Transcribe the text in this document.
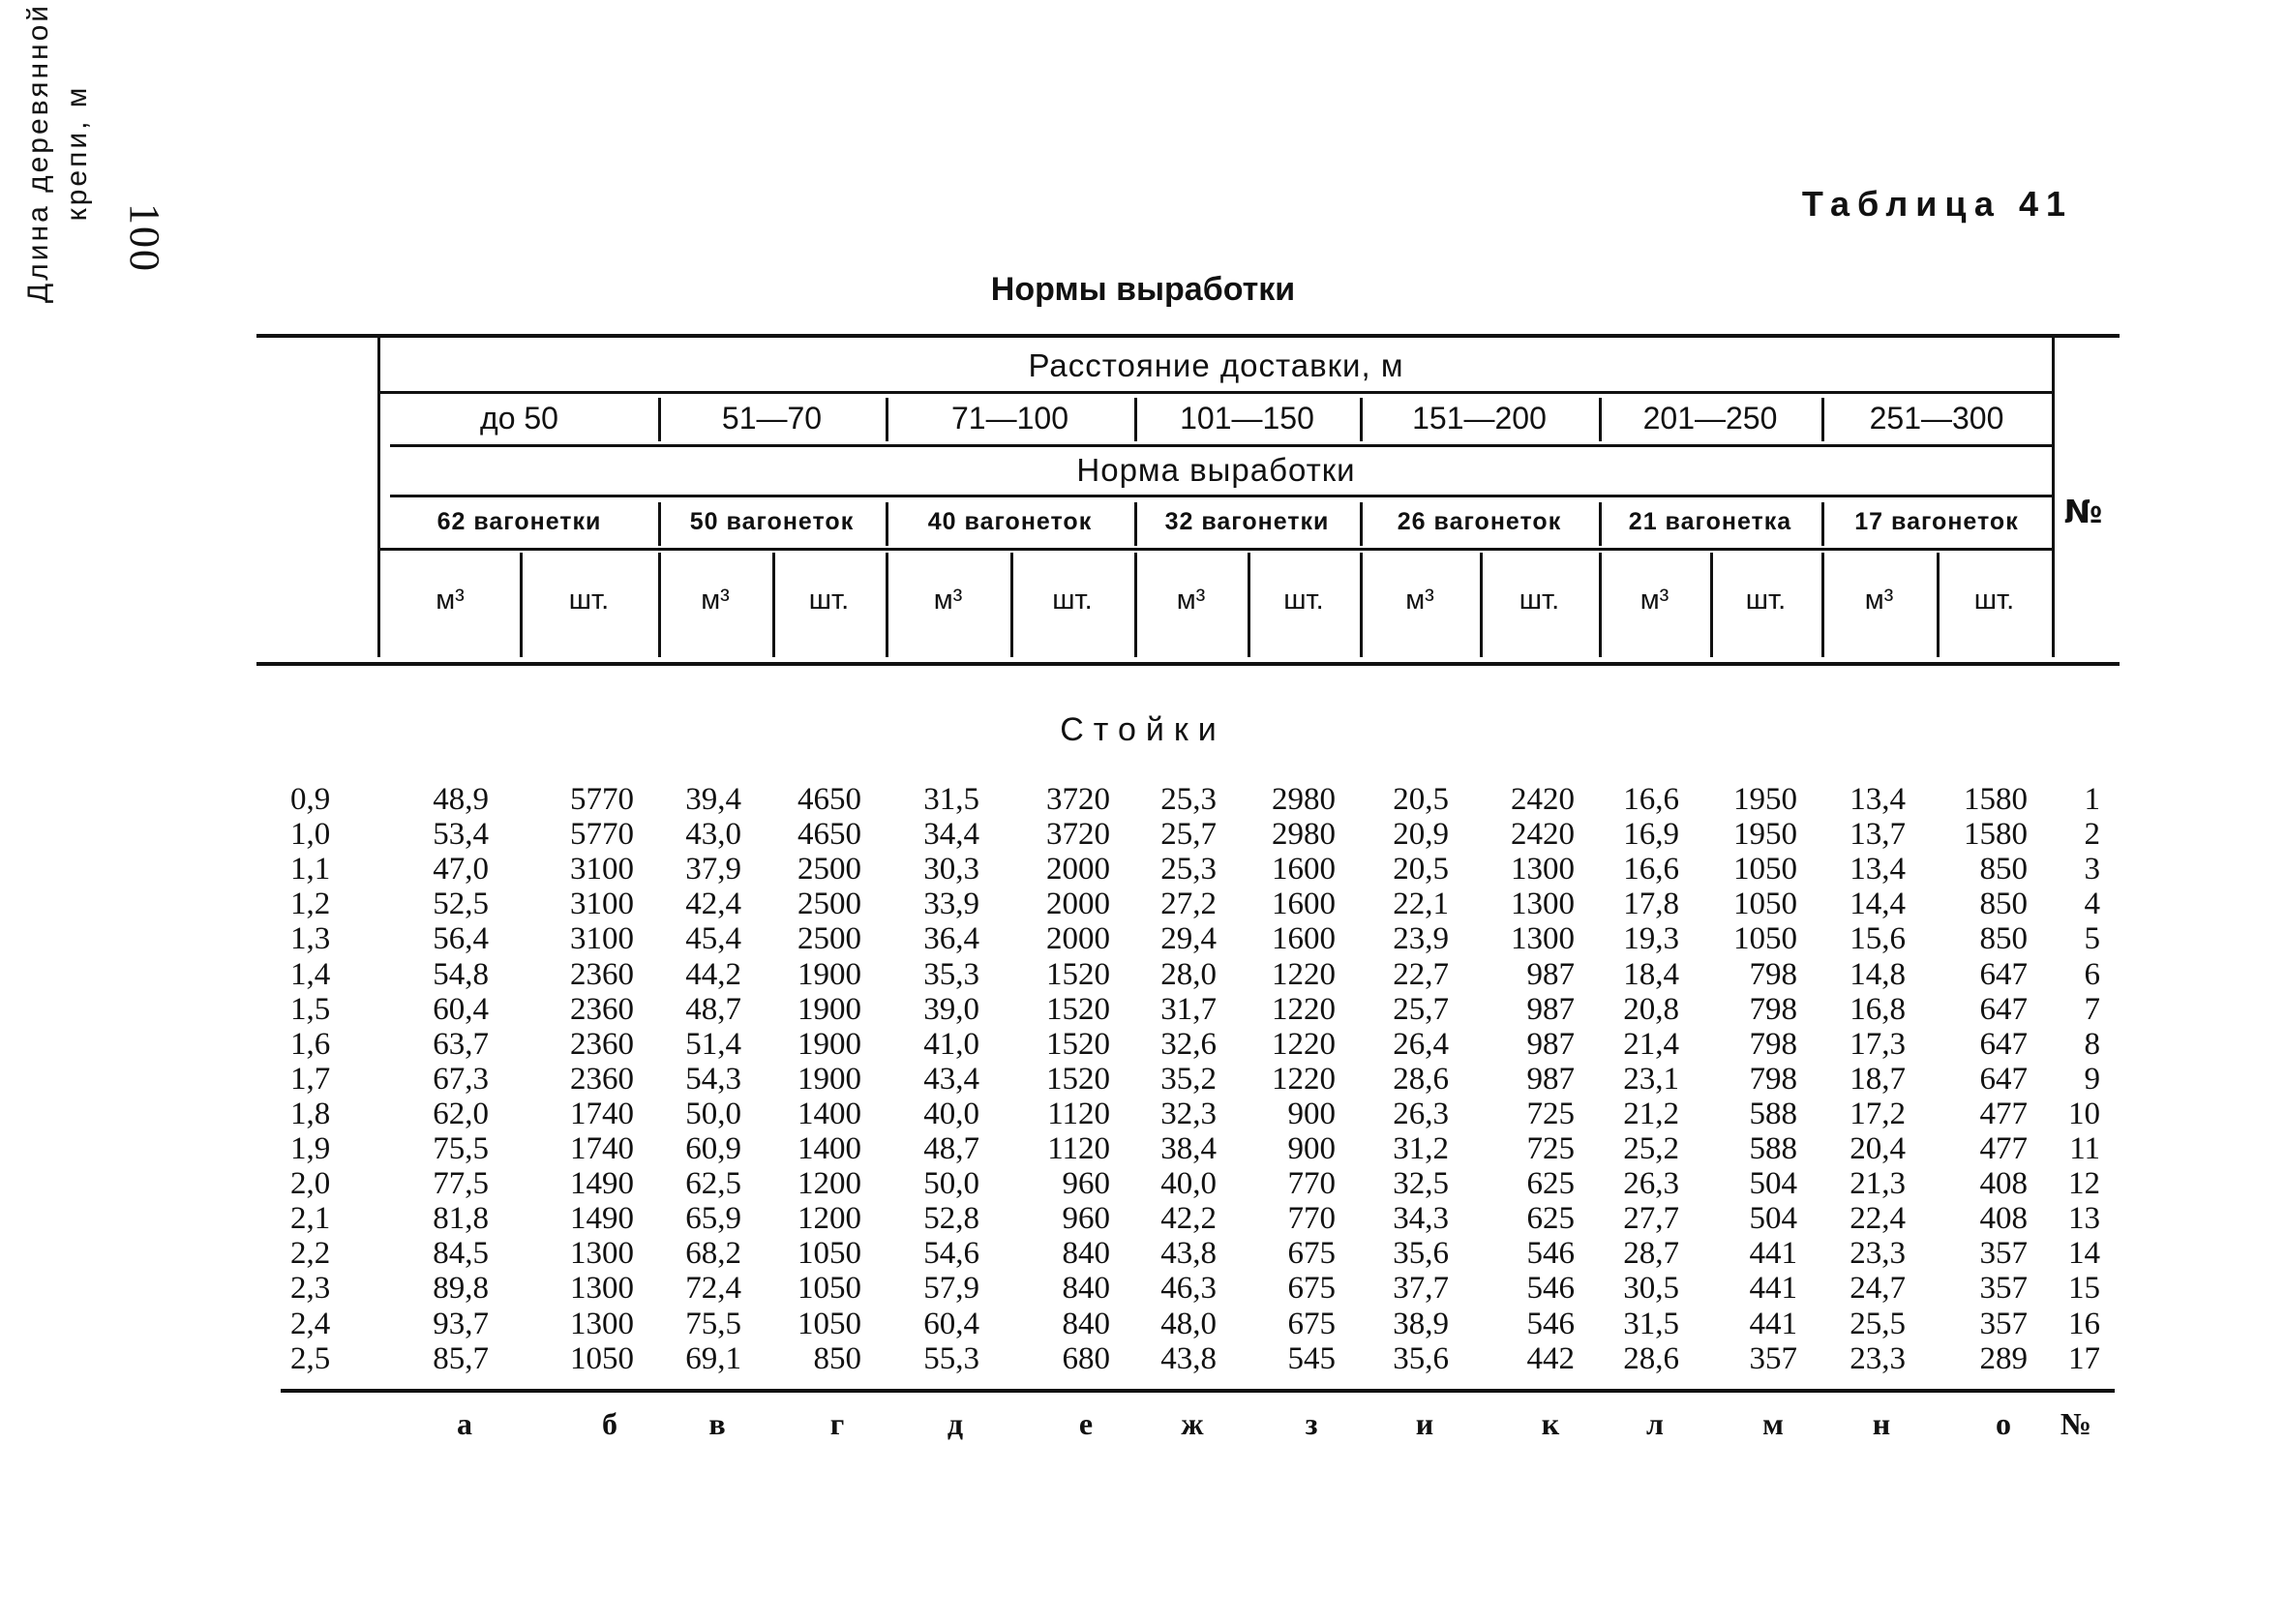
100	Таблица 41
Нормы выработки
Длина деревянной крепи, м
Расстояние доставки, м
Норма выработки
№
до 50
62 вагонетки
м³	шт.
51—70
50 вагонеток
м³	шт.
71—100
40 вагонеток
м³	шт.
101—150
32 вагонетки
м³	шт.
151—200
26 вагонеток
м³	шт.
201—250
21 вагонетка
м³	шт.
251—300
17 вагонеток
м³	шт.
Стойки
0,9	48,9	5770	39,4	4650	31,5	3720	25,3	2980	20,5	2420	16,6	1950	13,4	1580	1
1,0	53,4	5770	43,0	4650	34,4	3720	25,7	2980	20,9	2420	16,9	1950	13,7	1580	2
1,1	47,0	3100	37,9	2500	30,3	2000	25,3	1600	20,5	1300	16,6	1050	13,4	850	3
1,2	52,5	3100	42,4	2500	33,9	2000	27,2	1600	22,1	1300	17,8	1050	14,4	850	4
1,3	56,4	3100	45,4	2500	36,4	2000	29,4	1600	23,9	1300	19,3	1050	15,6	850	5
1,4	54,8	2360	44,2	1900	35,3	1520	28,0	1220	22,7	987	18,4	798	14,8	647	6
1,5	60,4	2360	48,7	1900	39,0	1520	31,7	1220	25,7	987	20,8	798	16,8	647	7
1,6	63,7	2360	51,4	1900	41,0	1520	32,6	1220	26,4	987	21,4	798	17,3	647	8
1,7	67,3	2360	54,3	1900	43,4	1520	35,2	1220	28,6	987	23,1	798	18,7	647	9
1,8	62,0	1740	50,0	1400	40,0	1120	32,3	900	26,3	725	21,2	588	17,2	477	10
1,9	75,5	1740	60,9	1400	48,7	1120	38,4	900	31,2	725	25,2	588	20,4	477	11
2,0	77,5	1490	62,5	1200	50,0	960	40,0	770	32,5	625	26,3	504	21,3	408	12
2,1	81,8	1490	65,9	1200	52,8	960	42,2	770	34,3	625	27,7	504	22,4	408	13
2,2	84,5	1300	68,2	1050	54,6	840	43,8	675	35,6	546	28,7	441	23,3	357	14
2,3	89,8	1300	72,4	1050	57,9	840	46,3	675	37,7	546	30,5	441	24,7	357	15
2,4	93,7	1300	75,5	1050	60,4	840	48,0	675	38,9	546	31,5	441	25,5	357	16
2,5	85,7	1050	69,1	850	55,3	680	43,8	545	35,6	442	28,6	357	23,3	289	17
а	б	в	г	д	е	ж	з	и	к	л	м	н	о	№
